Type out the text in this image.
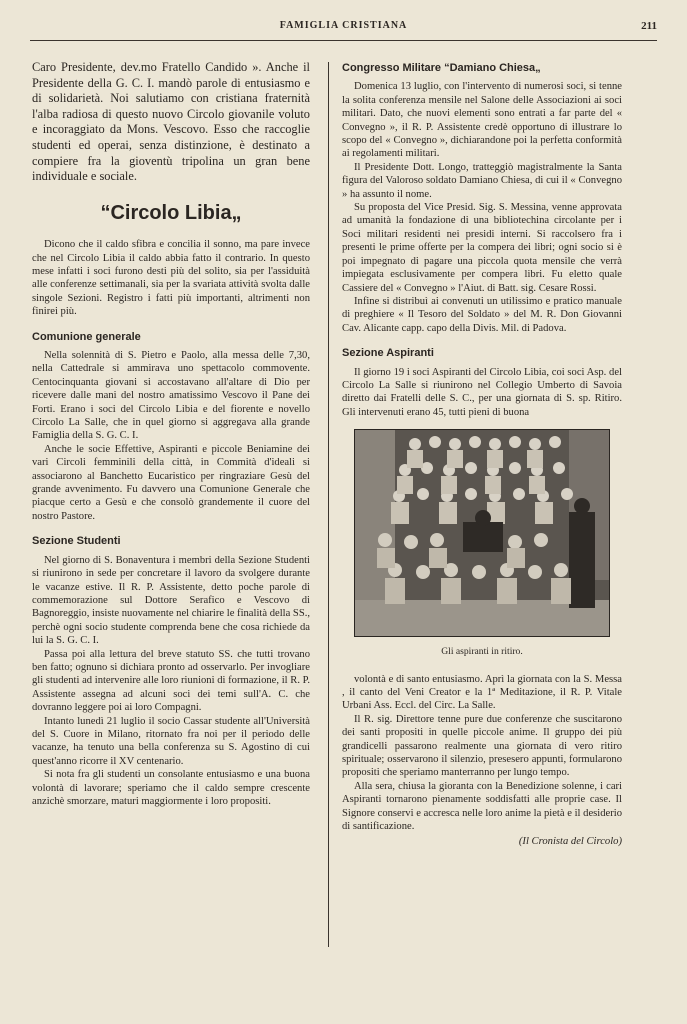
FAMIGLIA CRISTIANA	211

Caro Presidente, dev.mo Fratello Candido ». Anche il Presidente della G. C. I. mandò parole di entusiasmo e di solidarietà. Noi salutiamo con cristiana fraternità l'alba radiosa di questo nuovo Circolo giovanile voluto e incoraggiato da Mons. Vescovo. Esso che raccoglie studenti ed operai, senza distinzione, è destinato a compiere fra la gioventù tripolina un gran bene individuale e sociale.

“Circolo Libia„

Dicono che il caldo sfibra e concilia il sonno, ma pare invece che nel Circolo Libia il caldo abbia fatto il contrario. In questo mese infatti i soci furono desti più del solito, sia per l'assiduità alle conferenze settimanali, sia per la svariata attività svolta dalle singole Sezioni. Registro i fatti più importanti, altrimenti non finirei più.

Comunione generale

Nella solennità di S. Pietro e Paolo, alla messa delle 7,30, nella Cattedrale si ammirava uno spettacolo commovente. Centocinquanta giovani si accostavano all'altare di Dio per ricevere dalle mani del nostro amatissimo Vescovo il Pane dei Forti. Erano i soci del Circolo Libia e del fiorente e novello Circolo La Salle, che in quel giorno si aggregava alla grande Famiglia della S. G. C. I.

Anche le socie Effettive, Aspiranti e piccole Beniamine dei vari Circoli femminili della città, in Commità d'ideali si associarono al Banchetto Eucaristico per ringraziare Gesù del grande avvenimento. Fu davvero una Comunione Generale che piacque certo a Gesù e che consolò grandemente il cuore del nostro Pastore.

Sezione Studenti

Nel giorno di S. Bonaventura i membri della Sezione Studenti si riunirono in sede per concretare il lavoro da svolgere durante le vacanze estive. Il R. P. Assistente, detto poche parole di commemorazione sul Dottore Serafico e Vescovo di Bagnoreggio, insiste nuovamente nel chiarire le finalità della SS., perchè ogni socio studente comprenda bene che cosa richiede da lui la S. G. C. I.

Passa poi alla lettura del breve statuto SS. che tutti trovano ben fatto; ognuno si dichiara pronto ad osservarlo. Per invogliare gli studenti ad intervenire alle loro riunioni di formazione, il R. P. Assistente assegna ad alcuni soci dei temi sull'A. C. che dovranno leggere poi ai loro Compagni.

Intanto lunedì 21 luglio il socio Cassar studente all'Università del S. Cuore in Milano, ritornato fra noi per il periodo delle vacanze, ha tenuto una bella conferenza su S. Agostino di cui quest'anno ricorre il XV centenario.

Si nota fra gli studenti un consolante entusiasmo e una buona volontà di lavorare; speriamo che il caldo sempre crescente anzichè smorzare, maturi maggiormente i loro propositi.

Congresso Militare “Damiano Chiesa„

Domenica 13 luglio, con l'intervento di numerosi soci, si tenne la solita conferenza mensile nel Salone delle Associazioni ai soci militari. Dato, che nuovi elementi sono entrati a far parte del « Convegno », il R. P. Assistente credè opportuno di illustrare lo scopo del « Convegno », dichiarandone poi la perfetta conformità ai regolamenti militari.

Il Presidente Dott. Longo, tratteggiò magistralmente la Santa figura del Valoroso soldato Damiano Chiesa, di cui il « Convegno » ha assunto il nome.

Su proposta del Vice Presid. Sig. S. Messina, venne approvata ad umanità la fondazione di una bibliotechina circolante per i Soci militari residenti nei presidi interni. Si raccolsero fra i presenti le prime offerte per la compera dei libri; ogni socio si è poi impegnato di pagare una piccola quota mensile che verrà impiegata esclusivamente per compera libri. Fu eletto quale Cassiere del « Convegno » l'Aiut. di Batt. sig. Cesare Rossi.

Infine si distribuì ai convenuti un utilissimo e pratico manuale di preghiere « Il Tesoro del Soldato » del M. R. Don Giovanni Cav. Alicante capp. capo della Divis. Mil. di Padova.

Sezione Aspiranti

Il giorno 19 i soci Aspiranti del Circolo Libia, coi soci Asp. del Circolo La Salle si riunirono nel Collegio Umberto di Savoia diretto dai Fratelli delle S. C., per una giornata di S. sp. Ritiro. Gli intervenuti erano 45, tutti pieni di buona

Gli aspiranti in ritiro.

volontà e di santo entusiasmo. Aprì la giornata con la S. Messa , il canto del Veni Creator e la 1ª Meditazione, il R. P. Vitale Urbani Ass. Eccl. del Circ. La Salle.

Il R. sig. Direttore tenne pure due conferenze che suscitarono dei santi propositi in quelle piccole anime. Il gruppo dei più grandicelli passarono realmente una giornata di vero ritiro spirituale; osservarono il silenzio, presesero appunti, formularono propositi che speriamo manterranno per lungo tempo.

Alla sera, chiusa la gioranta con la Benedizione solenne, i cari Aspiranti tornarono pienamente soddisfatti alle proprie case. Il Signore conservi e accresca nelle loro anime la pietà e il desiderio di santificazione.

(Il Cronista del Circolo)
